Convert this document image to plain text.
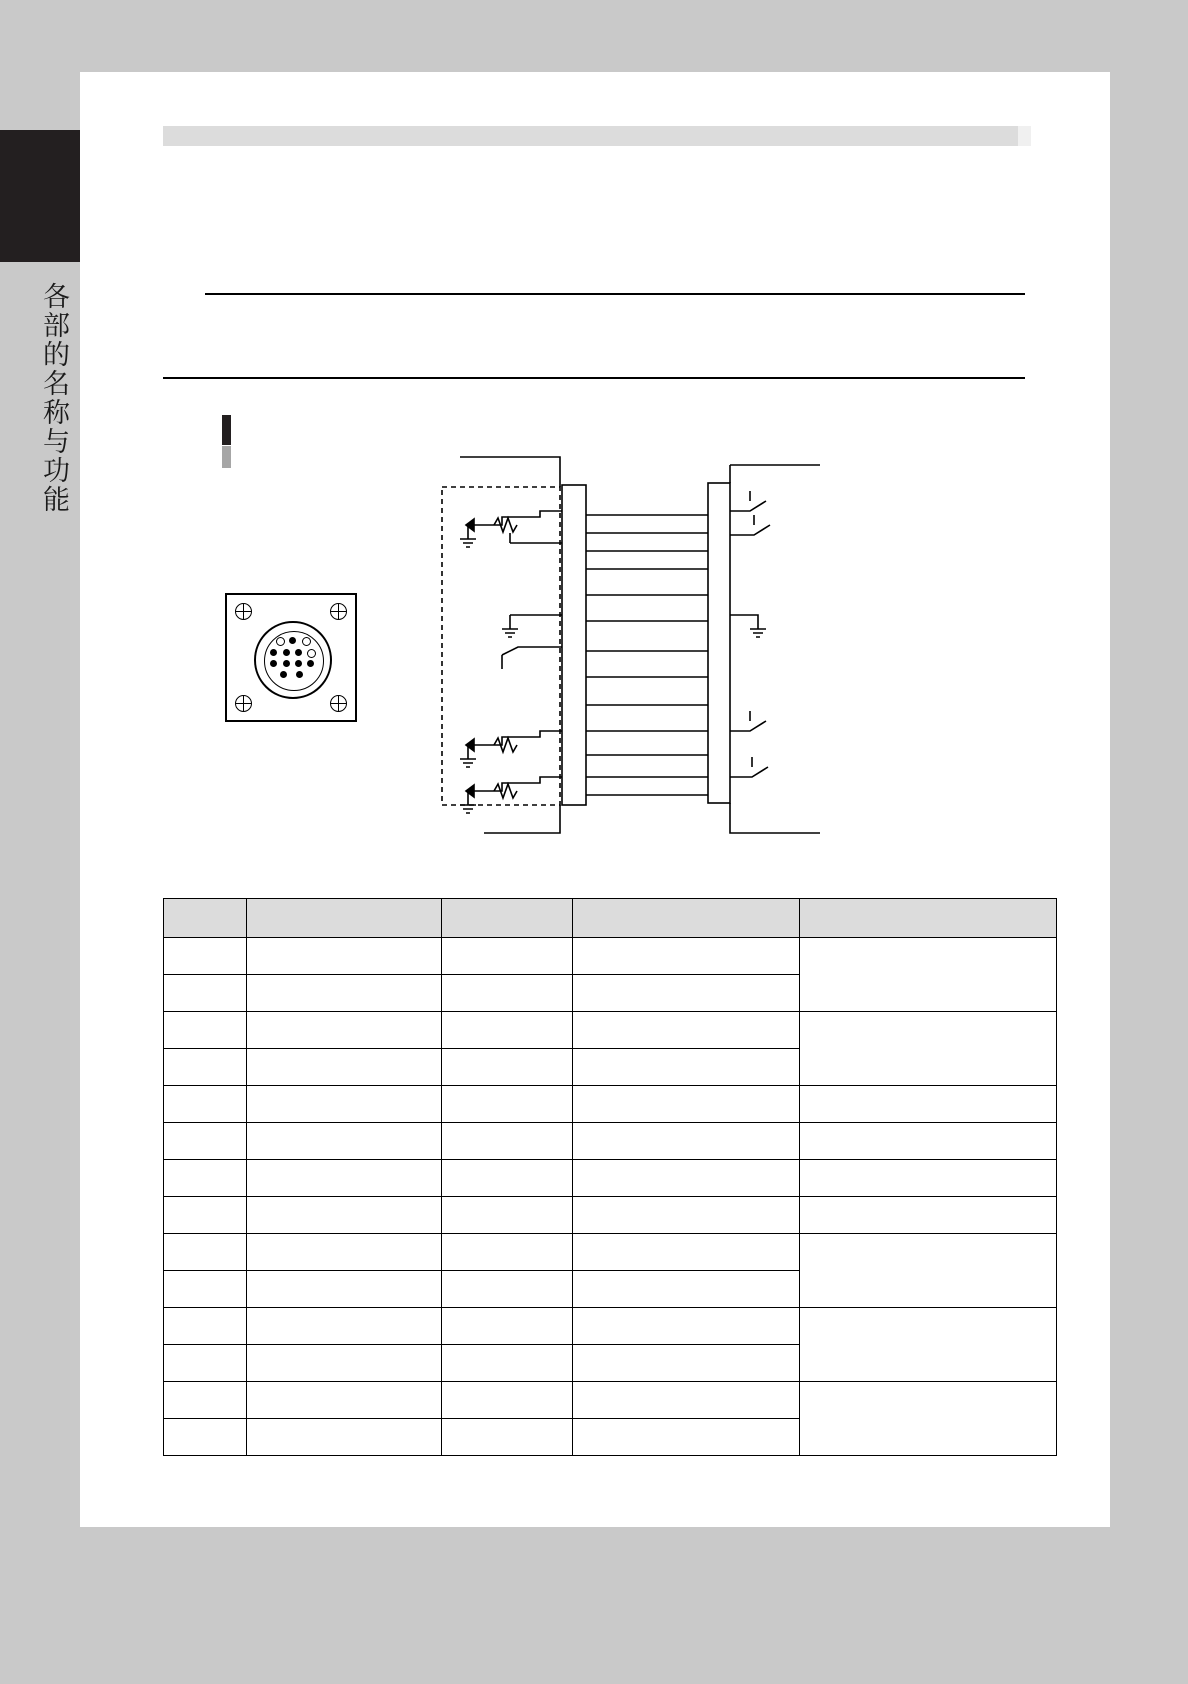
各部的名称与功能
